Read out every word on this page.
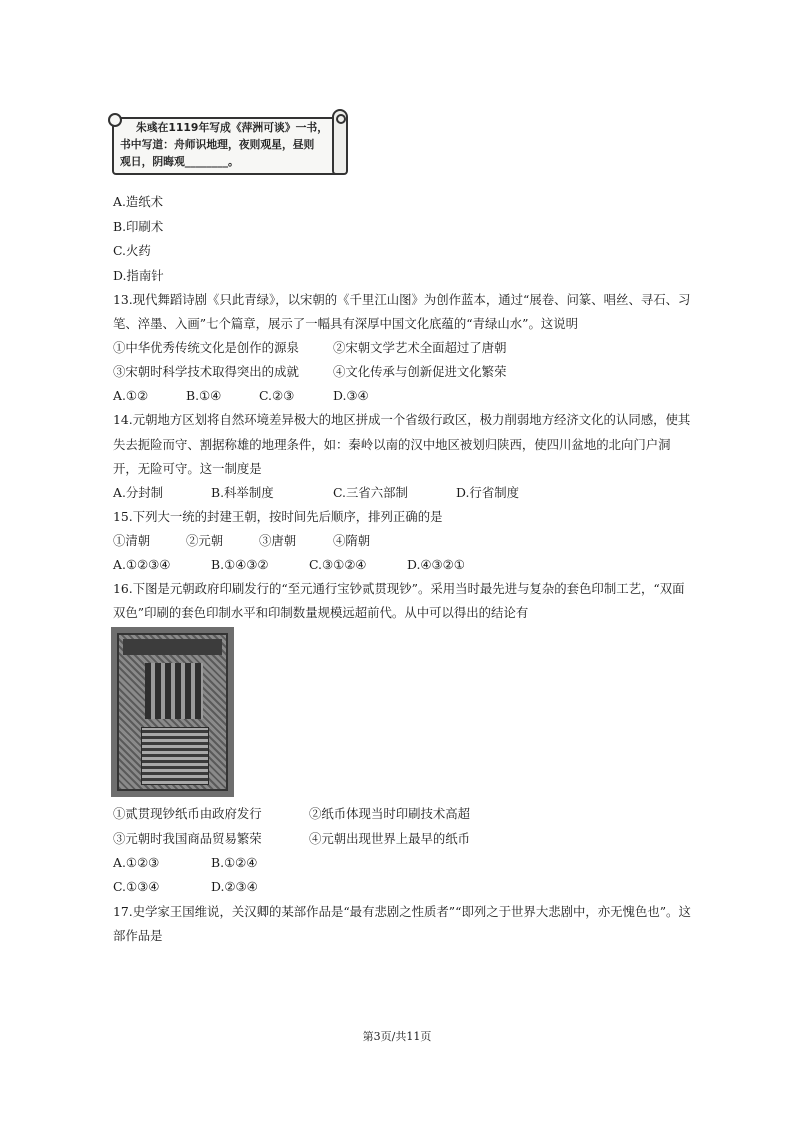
朱彧在1119年写成《萍洲可谈》一书，
书中写道：舟师识地理，夜则观星，昼则
观日，阴晦观________。
A.造纸术
B.印刷术
C.火药
D.指南针
13.现代舞蹈诗剧《只此青绿》，以宋朝的《千里江山图》为创作蓝本，通过“展卷、问篆、唱丝、寻石、习
笔、淬墨、入画”七个篇章，展示了一幅具有深厚中国文化底蕴的“青绿山水”。这说明
①中华优秀传统文化是创作的源泉	②宋朝文学艺术全面超过了唐朝
③宋朝时科学技术取得突出的成就	④文化传承与创新促进文化繁荣
A.①②	B.①④	C.②③	D.③④
14.元朝地方区划将自然环境差异极大的地区拼成一个省级行政区，极力削弱地方经济文化的认同感，使其
失去扼险而守、割据称雄的地理条件，如：秦岭以南的汉中地区被划归陕西，使四川盆地的北向门户洞
开，无险可守。这一制度是
A.分封制	B.科举制度	C.三省六部制	D.行省制度
15.下列大一统的封建王朝，按时间先后顺序，排列正确的是
①清朝	②元朝	③唐朝	④隋朝
A.①②③④	B.①④③②	C.③①②④	D.④③②①
16.下图是元朝政府印刷发行的“至元通行宝钞贰贯现钞”。采用当时最先进与复杂的套色印制工艺，“双面
双色”印刷的套色印制水平和印制数量规模远超前代。从中可以得出的结论有
①贰贯现钞纸币由政府发行	②纸币体现当时印刷技术高超
③元朝时我国商品贸易繁荣	④元朝出现世界上最早的纸币
A.①②③	B.①②④
C.①③④	D.②③④
17.史学家王国维说，关汉卿的某部作品是“最有悲剧之性质者”“即列之于世界大悲剧中，亦无愧色也”。这
部作品是
第3页/共11页
